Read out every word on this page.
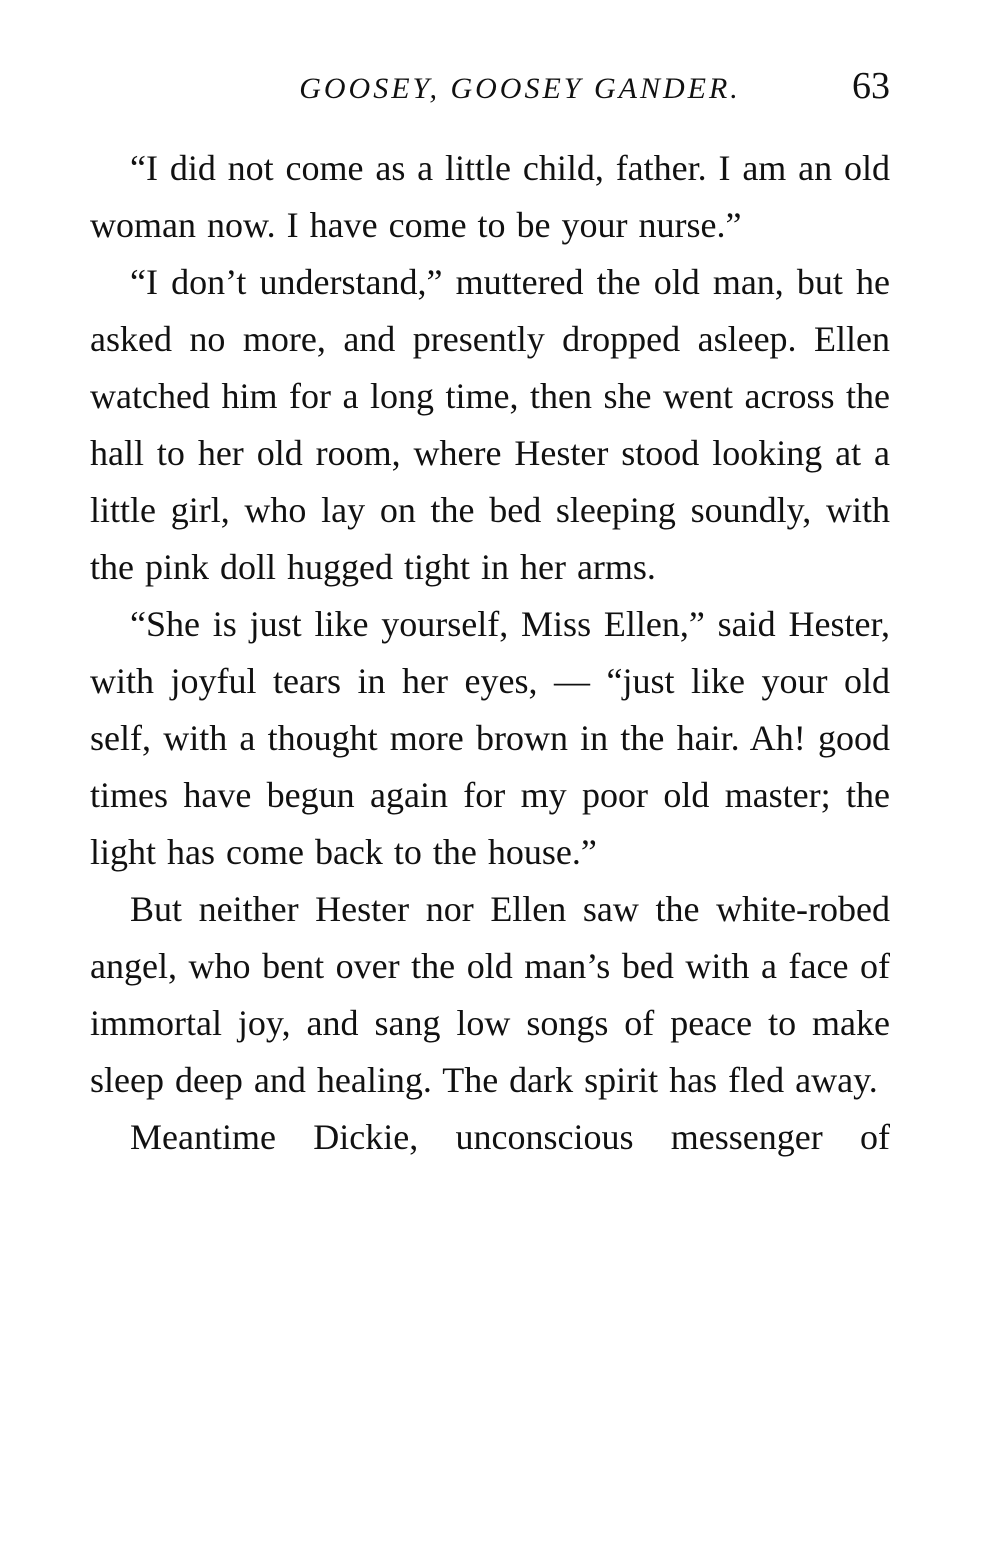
GOOSEY, GOOSEY GANDER.	63

“I did not come as a little child, father. I am an old woman now. I have come to be your nurse.”

“I don’t understand,” muttered the old man, but he asked no more, and presently dropped asleep. Ellen watched him for a long time, then she went across the hall to her old room, where Hester stood looking at a little girl, who lay on the bed sleeping soundly, with the pink doll hugged tight in her arms.

“She is just like yourself, Miss Ellen,” said Hester, with joyful tears in her eyes, — “just like your old self, with a thought more brown in the hair. Ah! good times have begun again for my poor old master; the light has come back to the house.”

But neither Hester nor Ellen saw the white-robed angel, who bent over the old man’s bed with a face of immortal joy, and sang low songs of peace to make sleep deep and healing. The dark spirit has fled away.

Meantime Dickie, unconscious messenger of
